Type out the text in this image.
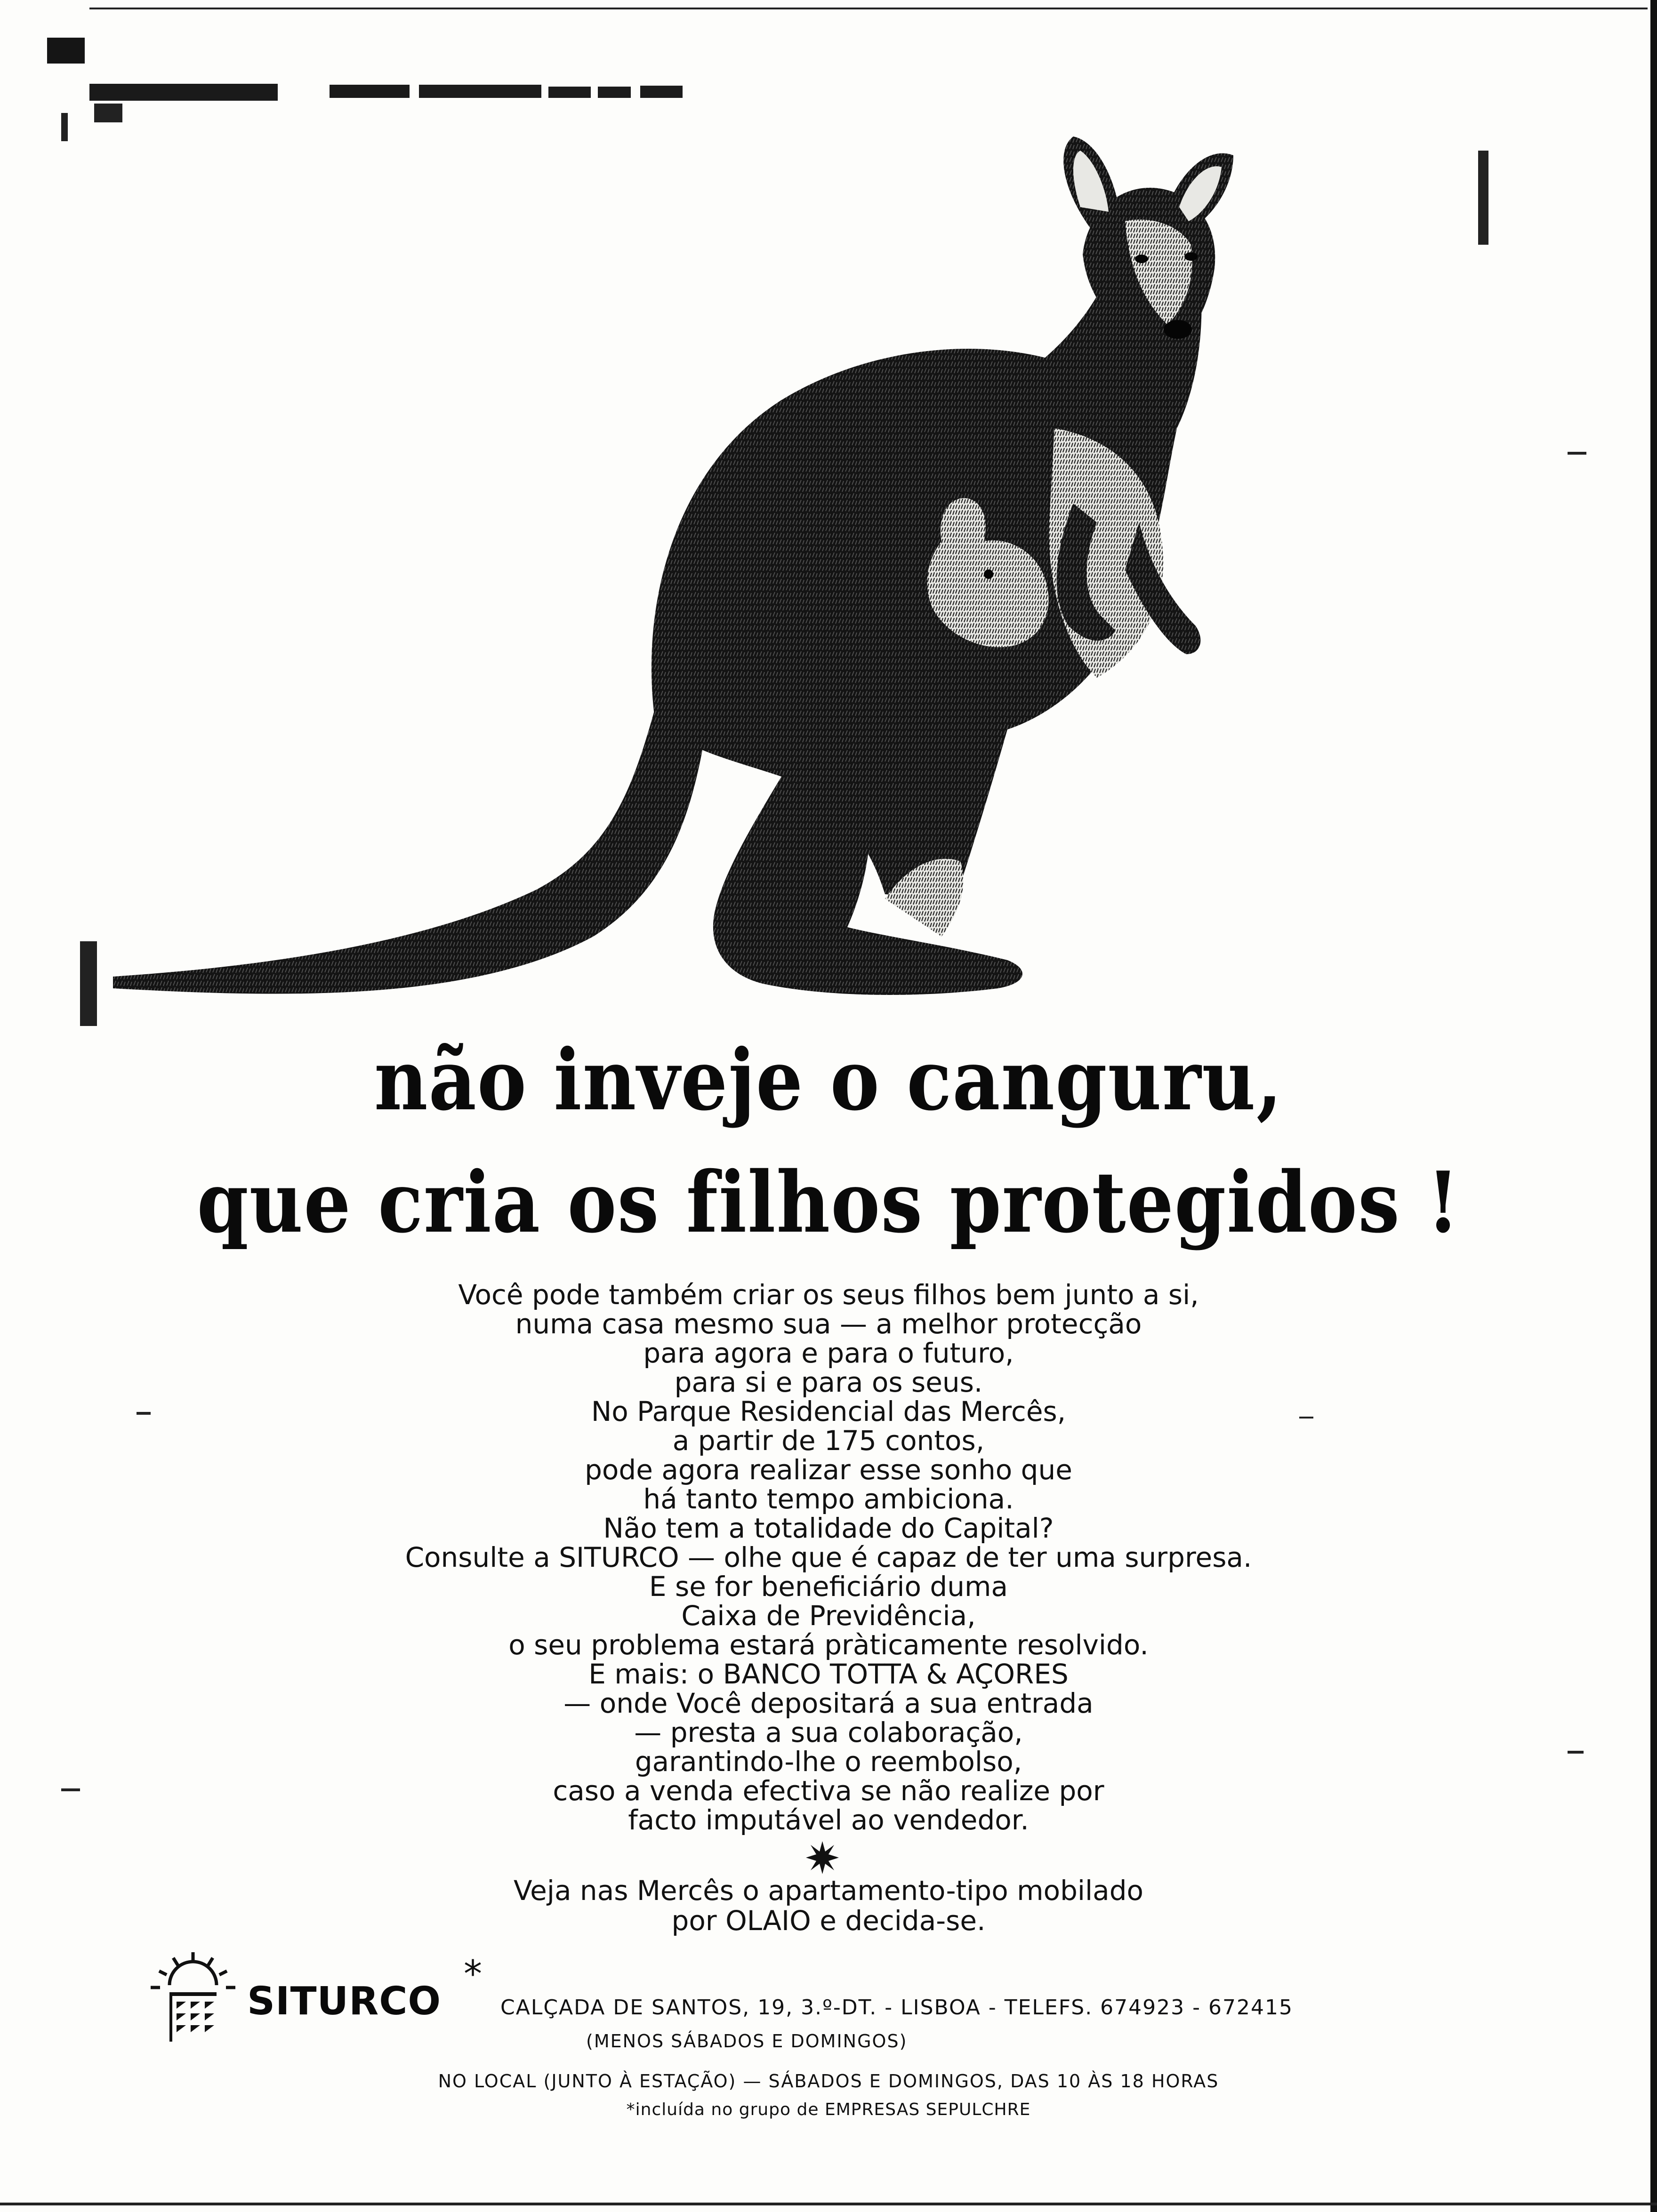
não inveje o canguru,
que cria os filhos protegidos !
Você pode também criar os seus filhos bem junto a si,
numa casa mesmo sua — a melhor protecção
para agora e para o futuro,
para si e para os seus.
No Parque Residencial das Mercês,
a partir de 175 contos,
pode agora realizar esse sonho que
há tanto tempo ambiciona.
Não tem a totalidade do Capital?
Consulte a SITURCO — olhe que é capaz de ter uma surpresa.
E se for beneficiário duma
Caixa de Previdência,
o seu problema estará pràticamente resolvido.
E mais: o BANCO TOTTA & AÇORES
— onde Você depositará a sua entrada
— presta a sua colaboração,
garantindo-lhe o reembolso,
caso a venda efectiva se não realize por
facto imputável ao vendedor.
Veja nas Mercês o apartamento-tipo mobilado
por OLAIO e decida-se.
SITURCO
*
CALÇADA DE SANTOS, 19, 3.º-DT. - LISBOA - TELEFS. 674923 - 672415
(MENOS SÁBADOS E DOMINGOS)
NO LOCAL (JUNTO À ESTAÇÃO) — SÁBADOS E DOMINGOS, DAS 10 ÀS 18 HORAS
*incluída no grupo de EMPRESAS SEPULCHRE
